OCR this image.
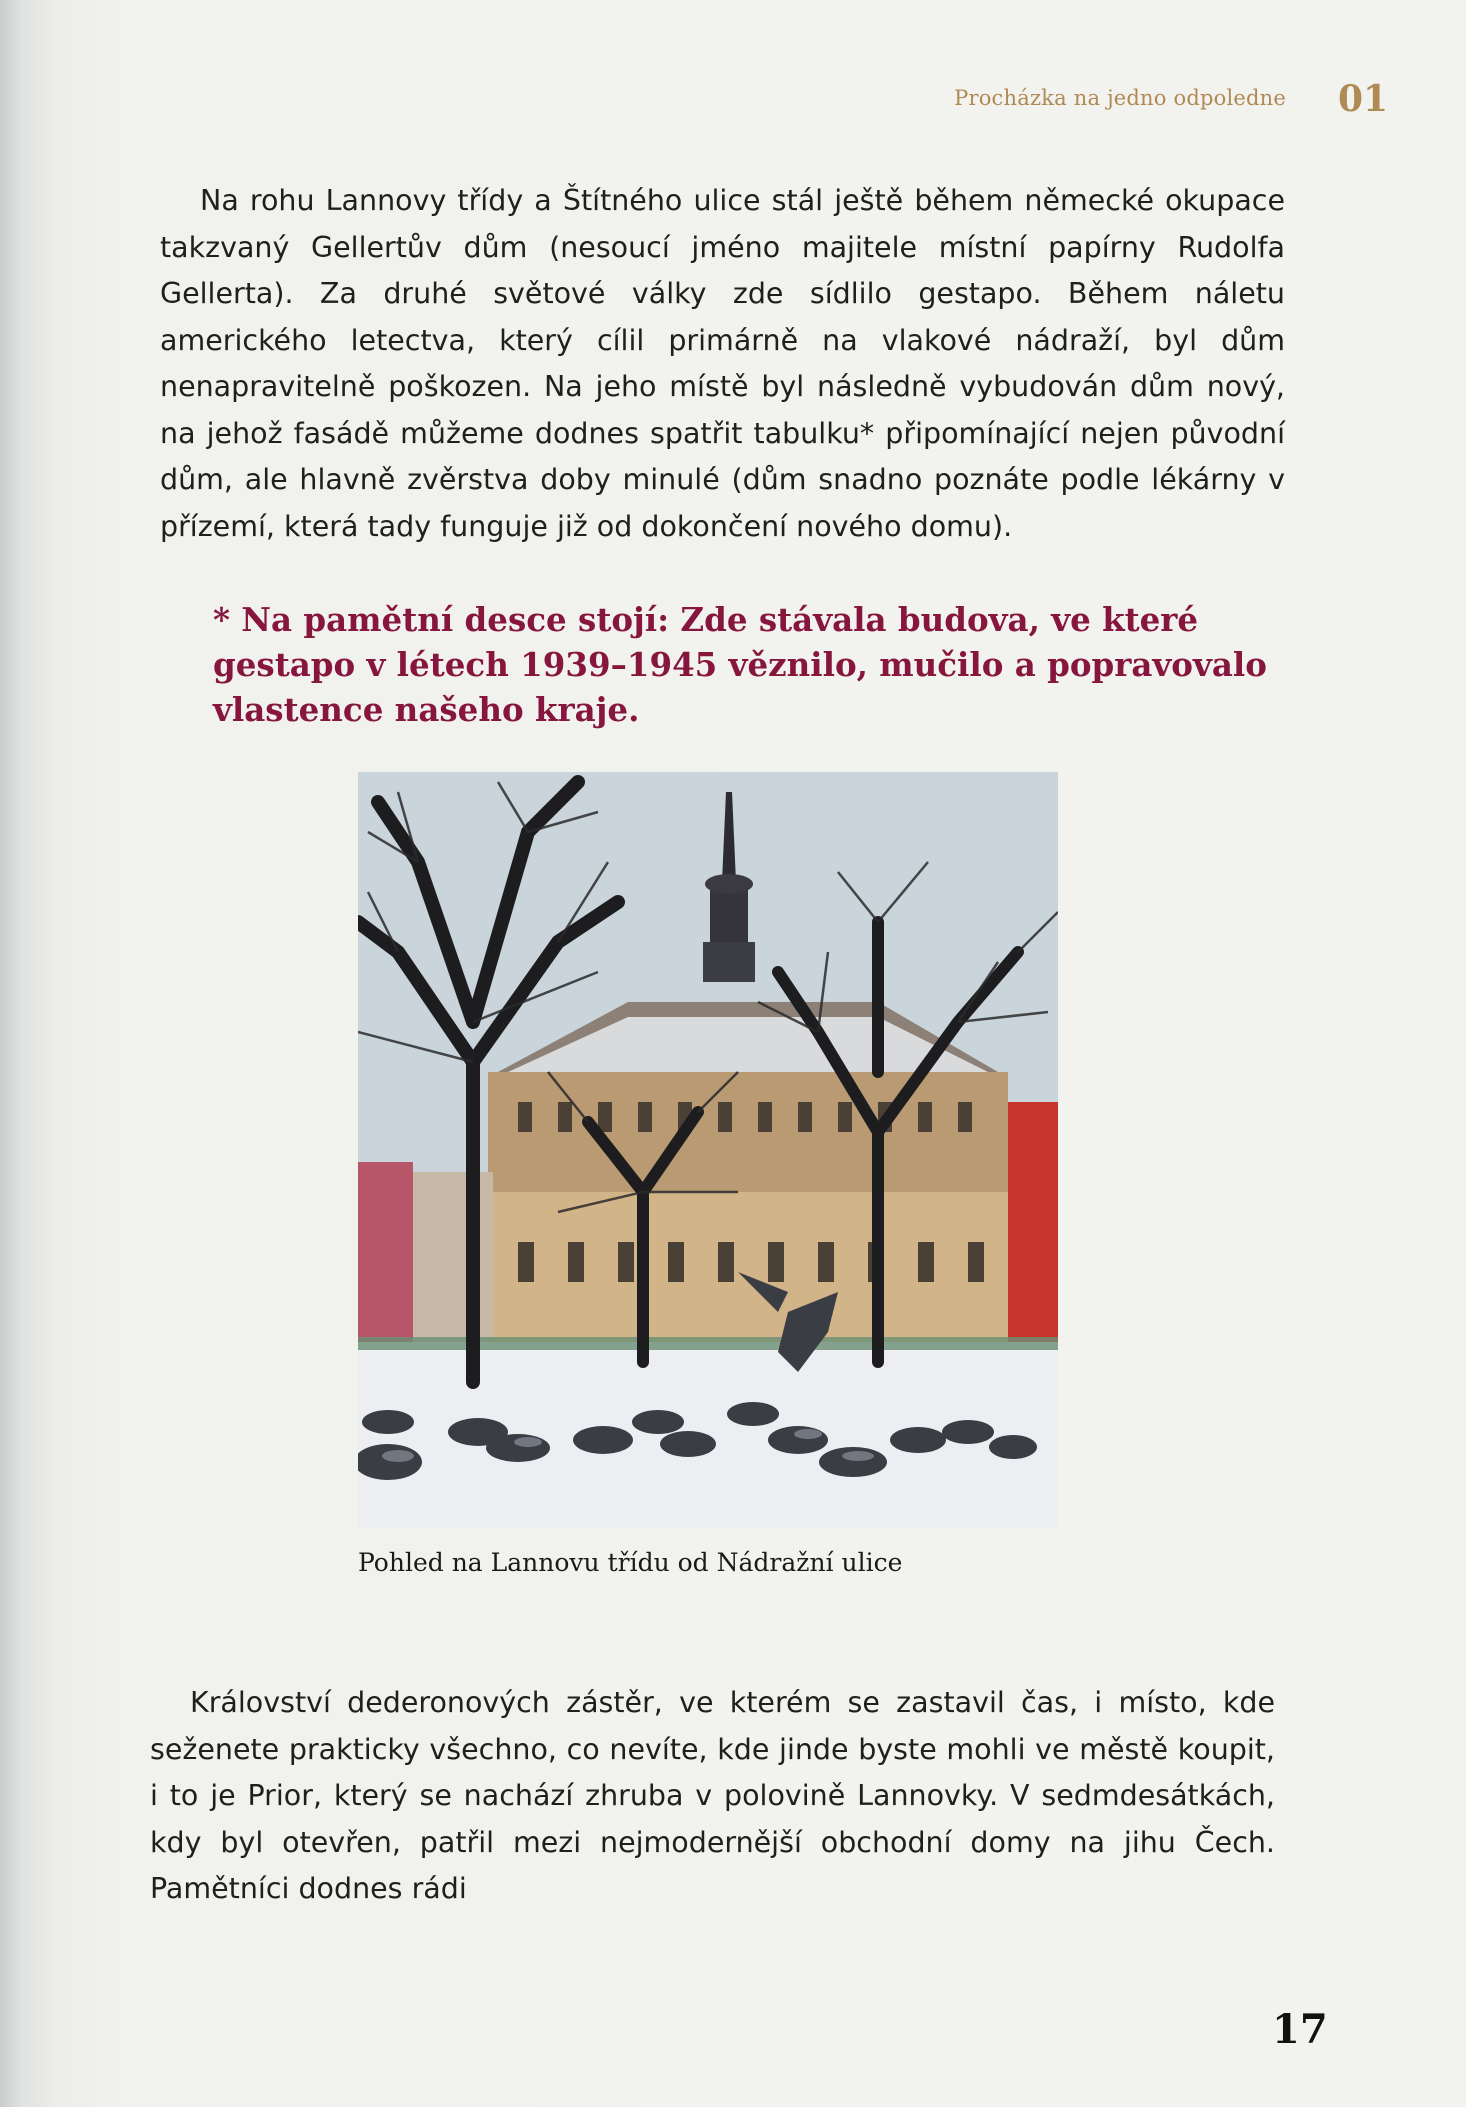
Procházka na jedno odpoledne 01

Na rohu Lannovy třídy a Štítného ulice stál ještě během německé okupace takzvaný Gellertův dům (nesoucí jméno majitele místní papírny Rudolfa Gellerta). Za druhé světové války zde sídlilo gestapo. Během náletu amerického letectva, který cílil primárně na vlakové nádraží, byl dům nenapravitelně poškozen. Na jeho místě byl následně vybudován dům nový, na jehož fasádě můžeme dodnes spatřit tabulku* připomínající nejen původní dům, ale hlavně zvěrstva doby minulé (dům snadno poznáte podle lékárny v přízemí, která tady funguje již od dokončení nového domu).

* Na pamětní desce stojí: Zde stávala budova, ve které gestapo v létech 1939–1945 věznilo, mučilo a popravovalo vlastence našeho kraje.

Pohled na Lannovu třídu od Nádražní ulice

Království dederonových zástěr, ve kterém se zastavil čas, i místo, kde seženete prakticky všechno, co nevíte, kde jinde byste mohli ve městě koupit, i to je Prior, který se nachází zhruba v polovině Lannovky. V sedmdesátkách, kdy byl otevřen, patřil mezi nejmodernější obchodní domy na jihu Čech. Pamětníci dodnes rádi

17
